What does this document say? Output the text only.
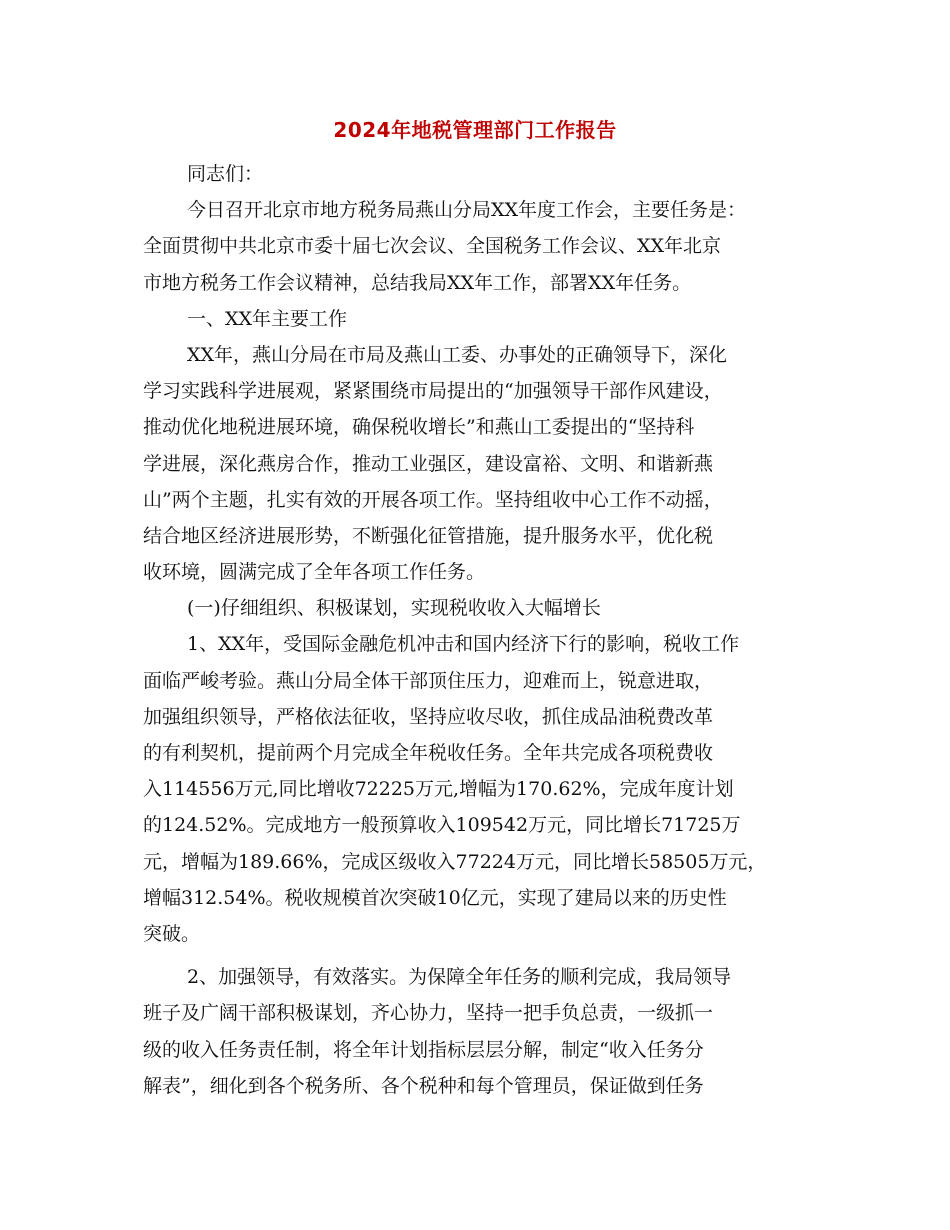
2024年地税管理部门工作报告
同志们：
今日召开北京市地方税务局燕山分局XX年度工作会，主要任务是：
全面贯彻中共北京市委十届七次会议、全国税务工作会议、XX年北京
市地方税务工作会议精神，总结我局XX年工作，部署XX年任务。
一、XX年主要工作
XX年，燕山分局在市局及燕山工委、办事处的正确领导下，深化
学习实践科学进展观，紧紧围绕市局提出的“加强领导干部作风建设，
推动优化地税进展环境，确保税收增长”和燕山工委提出的“坚持科
学进展，深化燕房合作，推动工业强区，建设富裕、文明、和谐新燕
山”两个主题，扎实有效的开展各项工作。坚持组收中心工作不动摇，
结合地区经济进展形势，不断强化征管措施，提升服务水平，优化税
收环境，圆满完成了全年各项工作任务。
(一)仔细组织、积极谋划，实现税收收入大幅增长
1、XX年，受国际金融危机冲击和国内经济下行的影响，税收工作
面临严峻考验。燕山分局全体干部顶住压力，迎难而上，锐意进取，
加强组织领导，严格依法征收，坚持应收尽收，抓住成品油税费改革
的有利契机，提前两个月完成全年税收任务。全年共完成各项税费收
入114556万元,同比增收72225万元,增幅为170.62%，完成年度计划
的124.52%。完成地方一般预算收入109542万元，同比增长71725万
元，增幅为189.66%，完成区级收入77224万元，同比增长58505万元，
增幅312.54%。税收规模首次突破10亿元，实现了建局以来的历史性
突破。
2、加强领导，有效落实。为保障全年任务的顺利完成，我局领导
班子及广阔干部积极谋划，齐心协力，坚持一把手负总责，一级抓一
级的收入任务责任制，将全年计划指标层层分解，制定“收入任务分
解表”，细化到各个税务所、各个税种和每个管理员，保证做到任务
